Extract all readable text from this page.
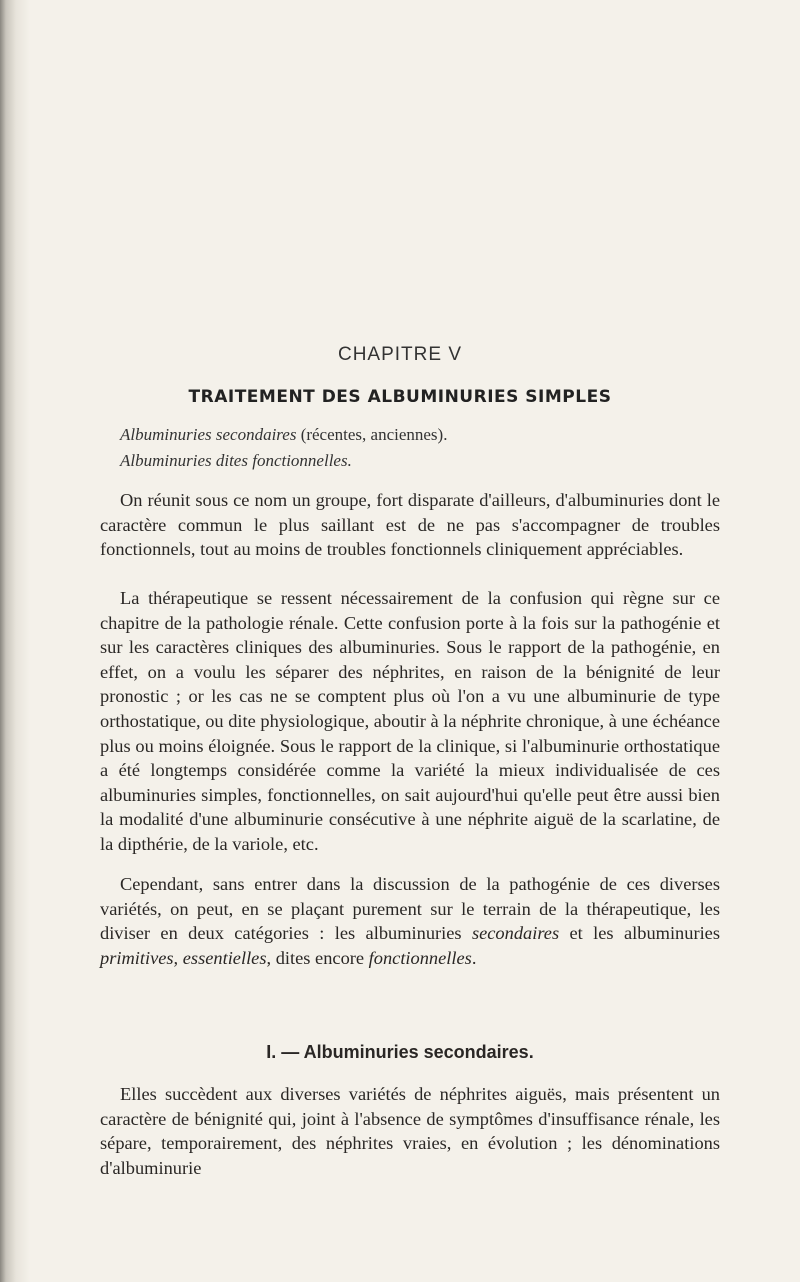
CHAPITRE V
TRAITEMENT DES ALBUMINURIES SIMPLES
Albuminuries secondaires (récentes, anciennes).
Albuminuries dites fonctionnelles.
On réunit sous ce nom un groupe, fort disparate d'ailleurs, d'albuminuries dont le caractère commun le plus saillant est de ne pas s'accompagner de troubles fonctionnels, tout au moins de troubles fonctionnels cliniquement appréciables.
La thérapeutique se ressent nécessairement de la confusion qui règne sur ce chapitre de la pathologie rénale. Cette confusion porte à la fois sur la pathogénie et sur les caractères cliniques des albuminuries. Sous le rapport de la pathogénie, en effet, on a voulu les séparer des néphrites, en raison de la bénignité de leur pronostic ; or les cas ne se comptent plus où l'on a vu une albuminurie de type orthostatique, ou dite physiologique, aboutir à la néphrite chronique, à une échéance plus ou moins éloignée. Sous le rapport de la clinique, si l'albuminurie orthostatique a été longtemps considérée comme la variété la mieux individualisée de ces albuminuries simples, fonctionnelles, on sait aujourd'hui qu'elle peut être aussi bien la modalité d'une albuminurie consécutive à une néphrite aiguë de la scarlatine, de la dipthérie, de la variole, etc.
Cependant, sans entrer dans la discussion de la pathogénie de ces diverses variétés, on peut, en se plaçant purement sur le terrain de la thérapeutique, les diviser en deux catégories : les albuminuries secondaires et les albuminuries primitives, essentielles, dites encore fonctionnelles.
I. — Albuminuries secondaires.
Elles succèdent aux diverses variétés de néphrites aiguës, mais présentent un caractère de bénignité qui, joint à l'absence de symptômes d'insuffisance rénale, les sépare, temporairement, des néphrites vraies, en évolution ; les dénominations d'albuminurie
